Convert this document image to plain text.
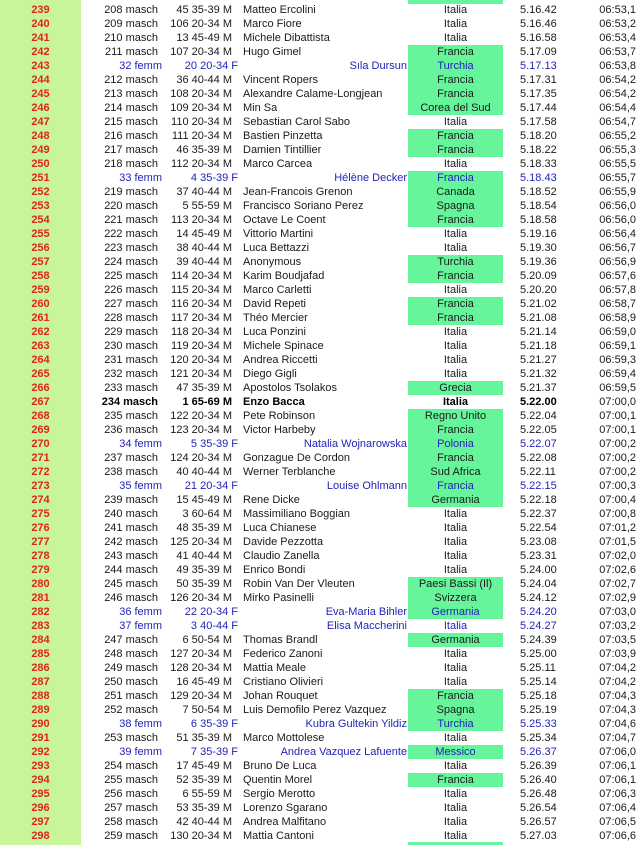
239	208 masch	45 35-39 M Matteo Ercolini	Italia	5.16.42	06:53,1
240	209 masch	106 20-34 M Marco Fiore	Italia	5.16.46	06:53,2
241	210 masch	13 45-49 M Michele Dibattista	Italia	5.16.58	06:53,4
242	211 masch	107 20-34 M Hugo Gimel	Francia	5.17.09	06:53,7
243	32 femm	20 20-34 F	Sıla Dursun	Turchia	5.17.13	06:53,8
244	212 masch	36 40-44 M Vincent Ropers	Francia	5.17.31	06:54,2
245	213 masch	108 20-34 M Alexandre Calame-Longjean	Francia	5.17.35	06:54,2
246	214 masch	109 20-34 M Min Sa	Corea del Sud	5.17.44	06:54,4
247	215 masch	110 20-34 M Sebastian Carol Sabo	Italia	5.17.58	06:54,7
248	216 masch	111 20-34 M Bastien Pinzetta	Francia	5.18.20	06:55,2
249	217 masch	46 35-39 M Damien Tintillier	Francia	5.18.22	06:55,3
250	218 masch	112 20-34 M Marco Carcea	Italia	5.18.33	06:55,5
251	33 femm	4 35-39 F	Hélène Decker	Francia	5.18.43	06:55,7
252	219 masch	37 40-44 M Jean-Francois Grenon	Canada	5.18.52	06:55,9
253	220 masch	5 55-59 M Francisco Soriano Perez	Spagna	5.18.54	06:56,0
254	221 masch	113 20-34 M Octave Le Coent	Francia	5.18.58	06:56,0
255	222 masch	14 45-49 M Vittorio Martini	Italia	5.19.16	06:56,4
256	223 masch	38 40-44 M Luca Bettazzi	Italia	5.19.30	06:56,7
257	224 masch	39 40-44 M Anonymous	Turchia	5.19.36	06:56,9
258	225 masch	114 20-34 M Karim Boudjafad	Francia	5.20.09	06:57,6
259	226 masch	115 20-34 M Marco Carletti	Italia	5.20.20	06:57,8
260	227 masch	116 20-34 M David Repeti	Francia	5.21.02	06:58,7
261	228 masch	117 20-34 M Théo Mercier	Francia	5.21.08	06:58,9
262	229 masch	118 20-34 M Luca Ponzini	Italia	5.21.14	06:59,0
263	230 masch	119 20-34 M Michele Spinace	Italia	5.21.18	06:59,1
264	231 masch	120 20-34 M Andrea Riccetti	Italia	5.21.27	06:59,3
265	232 masch	121 20-34 M Diego Gigli	Italia	5.21.32	06:59,4
266	233 masch	47 35-39 M Apostolos Tsolakos	Grecia	5.21.37	06:59,5
267	234 masch	1 65-69 M Enzo Bacca	Italia	5.22.00	07:00,0
268	235 masch	122 20-34 M Pete Robinson	Regno Unito	5.22.04	07:00,1
269	236 masch	123 20-34 M Victor Harbeby	Francia	5.22.05	07:00,1
270	34 femm	5 35-39 F	Natalia Wojnarowska	Polonia	5.22.07	07:00,2
271	237 masch	124 20-34 M Gonzague De Cordon	Francia	5.22.08	07:00,2
272	238 masch	40 40-44 M Werner Terblanche	Sud Africa	5.22.11	07:00,2
273	35 femm	21 20-34 F	Louise Ohlmann	Francia	5.22.15	07:00,3
274	239 masch	15 45-49 M Rene Dicke	Germania	5.22.18	07:00,4
275	240 masch	3 60-64 M Massimiliano Boggian	Italia	5.22.37	07:00,8
276	241 masch	48 35-39 M Luca Chianese	Italia	5.22.54	07:01,2
277	242 masch	125 20-34 M Davide Pezzotta	Italia	5.23.08	07:01,5
278	243 masch	41 40-44 M Claudio Zanella	Italia	5.23.31	07:02,0
279	244 masch	49 35-39 M Enrico Bondi	Italia	5.24.00	07:02,6
280	245 masch	50 35-39 M Robin Van Der Vleuten	Paesi Bassi (Il)	5.24.04	07:02,7
281	246 masch	126 20-34 M Mirko Pasinelli	Svizzera	5.24.12	07:02,9
282	36 femm	22 20-34 F	Eva-Maria Bihler	Germania	5.24.20	07:03,0
283	37 femm	3 40-44 F	Elisa Maccherini	Italia	5.24.27	07:03,2
284	247 masch	6 50-54 M Thomas Brandl	Germania	5.24.39	07:03,5
285	248 masch	127 20-34 M Federico Zanoni	Italia	5.25.00	07:03,9
286	249 masch	128 20-34 M Mattia Meale	Italia	5.25.11	07:04,2
287	250 masch	16 45-49 M Cristiano Olivieri	Italia	5.25.14	07:04,2
288	251 masch	129 20-34 M Johan Rouquet	Francia	5.25.18	07:04,3
289	252 masch	7 50-54 M Luis Demofilo Perez Vazquez	Spagna	5.25.19	07:04,3
290	38 femm	6 35-39 F	Kubra Gultekin Yildiz	Turchia	5.25.33	07:04,6
291	253 masch	51 35-39 M Marco Mottolese	Italia	5.25.34	07:04,7
292	39 femm	7 35-39 F	Andrea Vazquez Lafuente	Messico	5.26.37	07:06,0
293	254 masch	17 45-49 M Bruno De Luca	Italia	5.26.39	07:06,1
294	255 masch	52 35-39 M Quentin Morel	Francia	5.26.40	07:06,1
295	256 masch	6 55-59 M Sergio Merotto	Italia	5.26.48	07:06,3
296	257 masch	53 35-39 M Lorenzo Sgarano	Italia	5.26.54	07:06,4
297	258 masch	42 40-44 M Andrea Malfitano	Italia	5.26.57	07:06,5
298	259 masch	130 20-34 M Mattia Cantoni	Italia	5.27.03	07:06,6
